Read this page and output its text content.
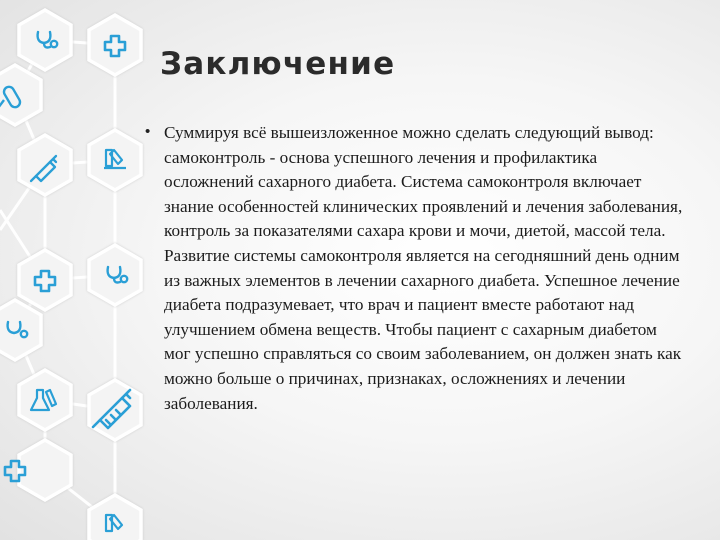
Заключение
• Суммируя всё вышеизложенное можно сделать следующий вывод: самоконтроль - основа успешного лечения и профилактика осложнений сахарного диабета. Система самоконтроля включает знание особенностей клинических проявлений и лечения заболевания, контроль за показателями сахара крови и мочи, диетой, массой тела. Развитие системы самоконтроля является на сегодняшний день одним из важных элементов в лечении сахарного диабета. Успешное лечение диабета подразумевает, что врач и пациент вместе работают над улучшением обмена веществ. Чтобы пациент с сахарным диабетом мог успешно справляться со своим заболеванием, он должен знать как можно больше о причинах, признаках, осложнениях и лечении заболевания.
